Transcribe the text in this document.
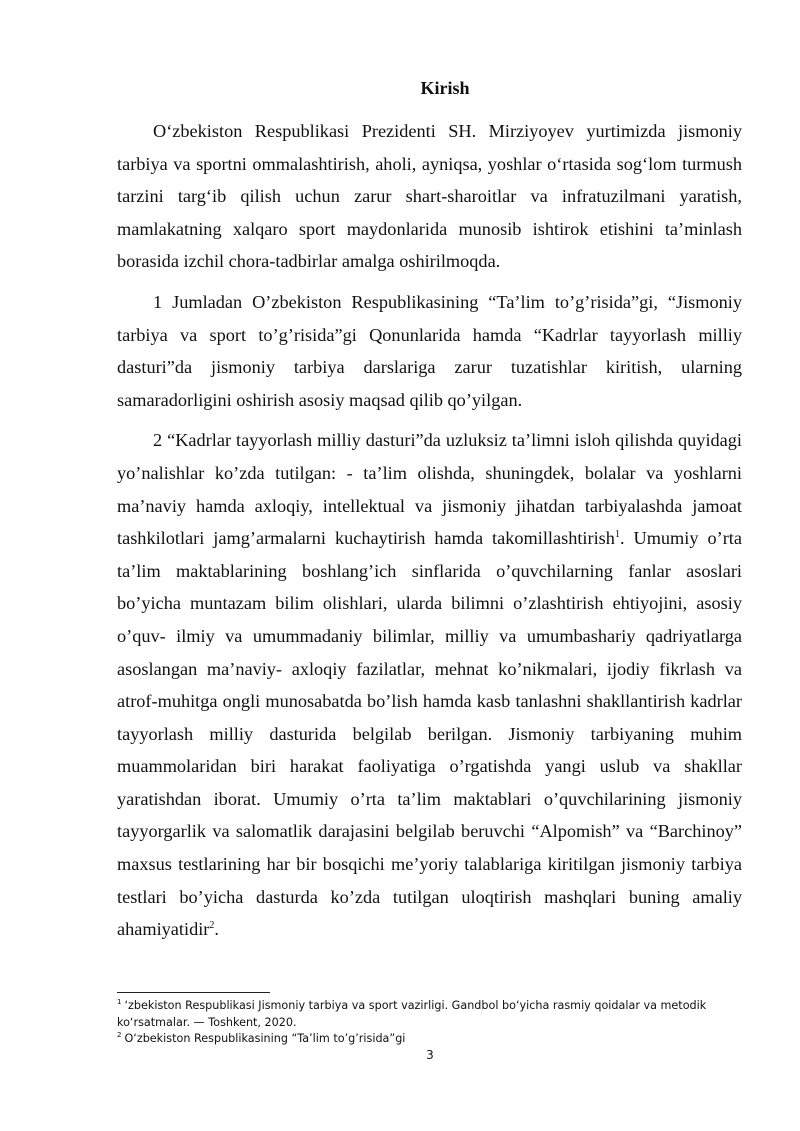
Kirish

O‘zbekiston Respublikasi Prezidenti SH. Mirziyoyev yurtimizda jismoniy tarbiya va sportni ommalashtirish, aholi, ayniqsa, yoshlar o‘rtasida sog‘lom turmush tarzini targ‘ib qilish uchun zarur shart-sharoitlar va infratuzilmani yaratish, mamlakatning xalqaro sport maydonlarida munosib ishtirok etishini ta’minlash borasida izchil chora-tadbirlar amalga oshirilmoqda.

1 Jumladan O’zbekiston Respublikasining “Ta’lim to’g’risida”gi, “Jismoniy tarbiya va sport to’g’risida”gi Qonunlarida hamda “Kadrlar tayyorlash milliy dasturi”da jismoniy tarbiya darslariga zarur tuzatishlar kiritish, ularning samaradorligini oshirish asosiy maqsad qilib qo’yilgan.

2 “Kadrlar tayyorlash milliy dasturi”da uzluksiz ta’limni isloh qilishda quyidagi yo’nalishlar ko’zda tutilgan: - ta’lim olishda, shuningdek, bolalar va yoshlarni ma’naviy hamda axloqiy, intellektual va jismoniy jihatdan tarbiyalashda jamoat tashkilotlari jamg’armalarni kuchaytirish hamda takomillashtirish$^1$. Umumiy o’rta ta’lim maktablarining boshlang’ich sinflarida o’quvchilarning fanlar asoslari bo’yicha muntazam bilim olishlari, ularda bilimni o’zlashtirish ehtiyojini, asosiy o’quv- ilmiy va umummadaniy bilimlar, milliy va umumbashariy qadriyatlarga asoslangan ma’naviy- axloqiy fazilatlar, mehnat ko’nikmalari, ijodiy fikrlash va atrof-muhitga ongli munosabatda bo’lish hamda kasb tanlashni shakllantirish kadrlar tayyorlash milliy dasturida belgilab berilgan. Jismoniy tarbiyaning muhim muammolaridan biri harakat faoliyatiga o’rgatishda yangi uslub va shakllar yaratishdan iborat. Umumiy o’rta ta’lim maktablari o’quvchilarining jismoniy tayyorgarlik va salomatlik darajasini belgilab beruvchi “Alpomish” va “Barchinoy” maxsus testlarining har bir bosqichi me’yoriy talablariga kiritilgan jismoniy tarbiya testlari bo’yicha dasturda ko’zda tutilgan uloqtirish mashqlari buning amaliy ahamiyatidir$^2$.

$^1$ ‘zbekiston Respublikasi Jismoniy tarbiya va sport vazirligi. Gandbol bo‘yicha rasmiy qoidalar va metodik ko‘rsatmalar. — Toshkent, 2020.
$^2$ O‘zbekiston Respublikasining “Ta’lim to’g’risida”gi
3
